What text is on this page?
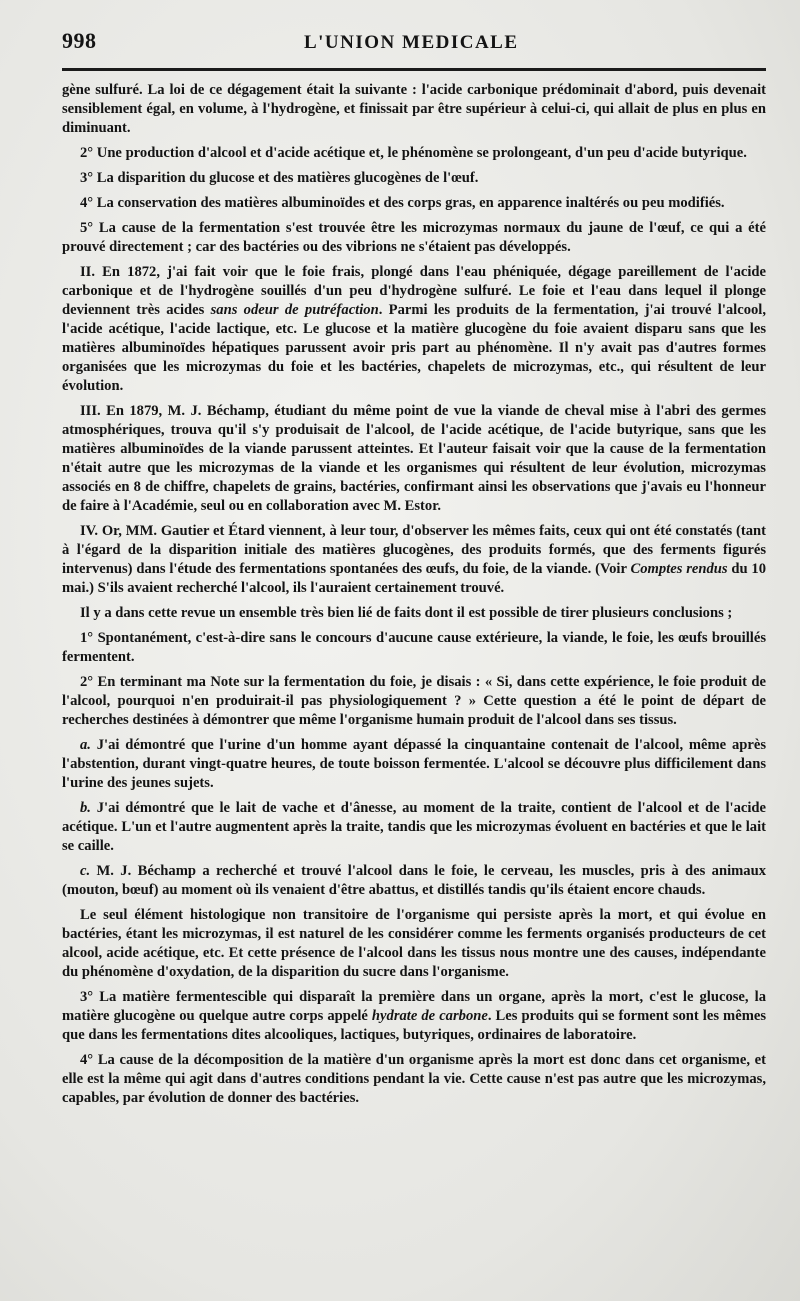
998	L'UNION MEDICALE

gène sulfuré. La loi de ce dégagement était la suivante : l'acide carbonique prédominait d'abord, puis devenait sensiblement égal, en volume, à l'hydrogène, et finissait par être supérieur à celui-ci, qui allait de plus en plus en diminuant.

2° Une production d'alcool et d'acide acétique et, le phénomène se prolongeant, d'un peu d'acide butyrique.

3° La disparition du glucose et des matières glucogènes de l'œuf.

4° La conservation des matières albuminoïdes et des corps gras, en apparence inaltérés ou peu modifiés.

5° La cause de la fermentation s'est trouvée être les microzymas normaux du jaune de l'œuf, ce qui a été prouvé directement ; car des bactéries ou des vibrions ne s'étaient pas développés.

II. En 1872, j'ai fait voir que le foie frais, plongé dans l'eau phéniquée, dégage pareillement de l'acide carbonique et de l'hydrogène souillés d'un peu d'hydrogène sulfuré. Le foie et l'eau dans lequel il plonge deviennent très acides sans odeur de putréfaction. Parmi les produits de la fermentation, j'ai trouvé l'alcool, l'acide acétique, l'acide lactique, etc. Le glucose et la matière glucogène du foie avaient disparu sans que les matières albuminoïdes hépatiques parussent avoir pris part au phénomène. Il n'y avait pas d'autres formes organisées que les microzymas du foie et les bactéries, chapelets de microzymas, etc., qui résultent de leur évolution.

III. En 1879, M. J. Béchamp, étudiant du même point de vue la viande de cheval mise à l'abri des germes atmosphériques, trouva qu'il s'y produisait de l'alcool, de l'acide acétique, de l'acide butyrique, sans que les matières albuminoïdes de la viande parussent atteintes. Et l'auteur faisait voir que la cause de la fermentation n'était autre que les microzymas de la viande et les organismes qui résultent de leur évolution, microzymas associés en 8 de chiffre, chapelets de grains, bactéries, confirmant ainsi les observations que j'avais eu l'honneur de faire à l'Académie, seul ou en collaboration avec M. Estor.

IV. Or, MM. Gautier et Étard viennent, à leur tour, d'observer les mêmes faits, ceux qui ont été constatés (tant à l'égard de la disparition initiale des matières glucogènes, des produits formés, que des ferments figurés intervenus) dans l'étude des fermentations spontanées des œufs, du foie, de la viande. (Voir Comptes rendus du 10 mai.) S'ils avaient recherché l'alcool, ils l'auraient certainement trouvé.

Il y a dans cette revue un ensemble très bien lié de faits dont il est possible de tirer plusieurs conclusions ;

1° Spontanément, c'est-à-dire sans le concours d'aucune cause extérieure, la viande, le foie, les œufs brouillés fermentent.

2° En terminant ma Note sur la fermentation du foie, je disais : « Si, dans cette expérience, le foie produit de l'alcool, pourquoi n'en produirait-il pas physiologiquement ? » Cette question a été le point de départ de recherches destinées à démontrer que même l'organisme humain produit de l'alcool dans ses tissus.

a. J'ai démontré que l'urine d'un homme ayant dépassé la cinquantaine contenait de l'alcool, même après l'abstention, durant vingt-quatre heures, de toute boisson fermentée. L'alcool se découvre plus difficilement dans l'urine des jeunes sujets.

b. J'ai démontré que le lait de vache et d'ânesse, au moment de la traite, contient de l'alcool et de l'acide acétique. L'un et l'autre augmentent après la traite, tandis que les microzymas évoluent en bactéries et que le lait se caille.

c. M. J. Béchamp a recherché et trouvé l'alcool dans le foie, le cerveau, les muscles, pris à des animaux (mouton, bœuf) au moment où ils venaient d'être abattus, et distillés tandis qu'ils étaient encore chauds.

Le seul élément histologique non transitoire de l'organisme qui persiste après la mort, et qui évolue en bactéries, étant les microzymas, il est naturel de les considérer comme les ferments organisés producteurs de cet alcool, acide acétique, etc. Et cette présence de l'alcool dans les tissus nous montre une des causes, indépendante du phénomène d'oxydation, de la disparition du sucre dans l'organisme.

3° La matière fermentescible qui disparaît la première dans un organe, après la mort, c'est le glucose, la matière glucogène ou quelque autre corps appelé hydrate de carbone. Les produits qui se forment sont les mêmes que dans les fermentations dites alcooliques, lactiques, butyriques, ordinaires de laboratoire.

4° La cause de la décomposition de la matière d'un organisme après la mort est donc dans cet organisme, et elle est la même qui agit dans d'autres conditions pendant la vie. Cette cause n'est pas autre que les microzymas, capables, par évolution de donner des bactéries.
